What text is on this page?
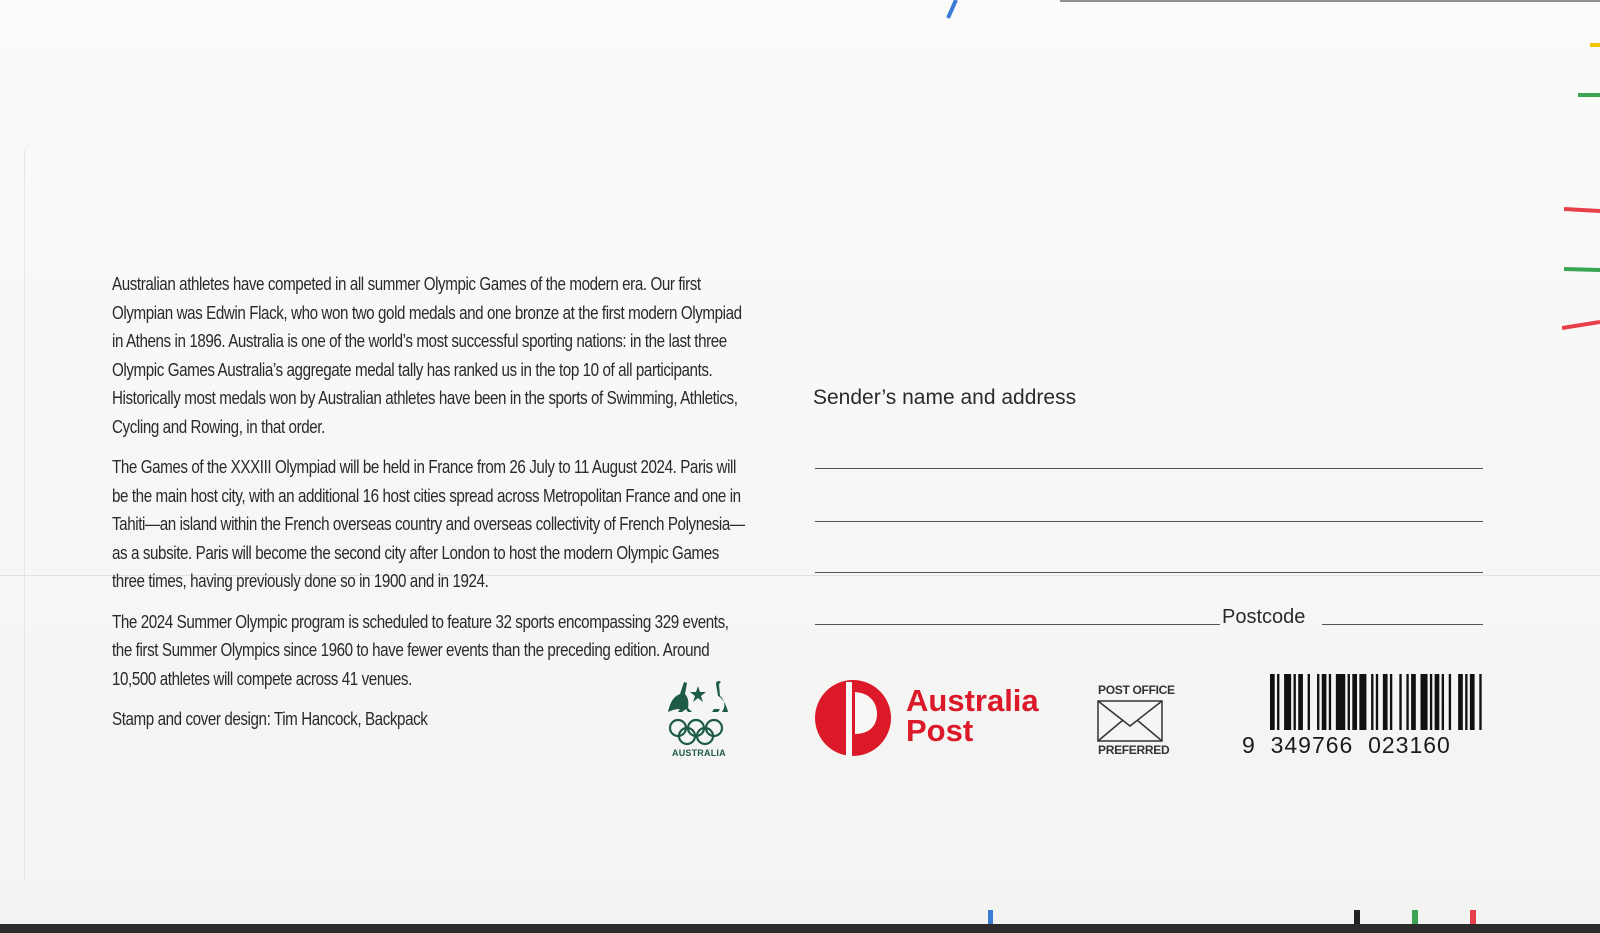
Australian athletes have competed in all summer Olympic Games of the modern era. Our first Olympian was Edwin Flack, who won two gold medals and one bronze at the first modern Olympiad in Athens in 1896. Australia is one of the world’s most successful sporting nations: in the last three Olympic Games Australia’s aggregate medal tally has ranked us in the top 10 of all participants. Historically most medals won by Australian athletes have been in the sports of Swimming, Athletics, Cycling and Rowing, in that order.

The Games of the XXXIII Olympiad will be held in France from 26 July to 11 August 2024. Paris will be the main host city, with an additional 16 host cities spread across Metropolitan France and one in Tahiti—an island within the French overseas country and overseas collectivity of French Polynesia—as a subsite. Paris will become the second city after London to host the modern Olympic Games three times, having previously done so in 1900 and in 1924.

The 2024 Summer Olympic program is scheduled to feature 32 sports encompassing 329 events, the first Summer Olympics since 1960 to have fewer events than the preceding edition. Around 10,500 athletes will compete across 41 venues.

Stamp and cover design: Tim Hancock, Backpack

AUSTRALIA
Sender’s name and address
Postcode
Australia
Post
POST OFFICE
PREFERRED	9  349766  023160
